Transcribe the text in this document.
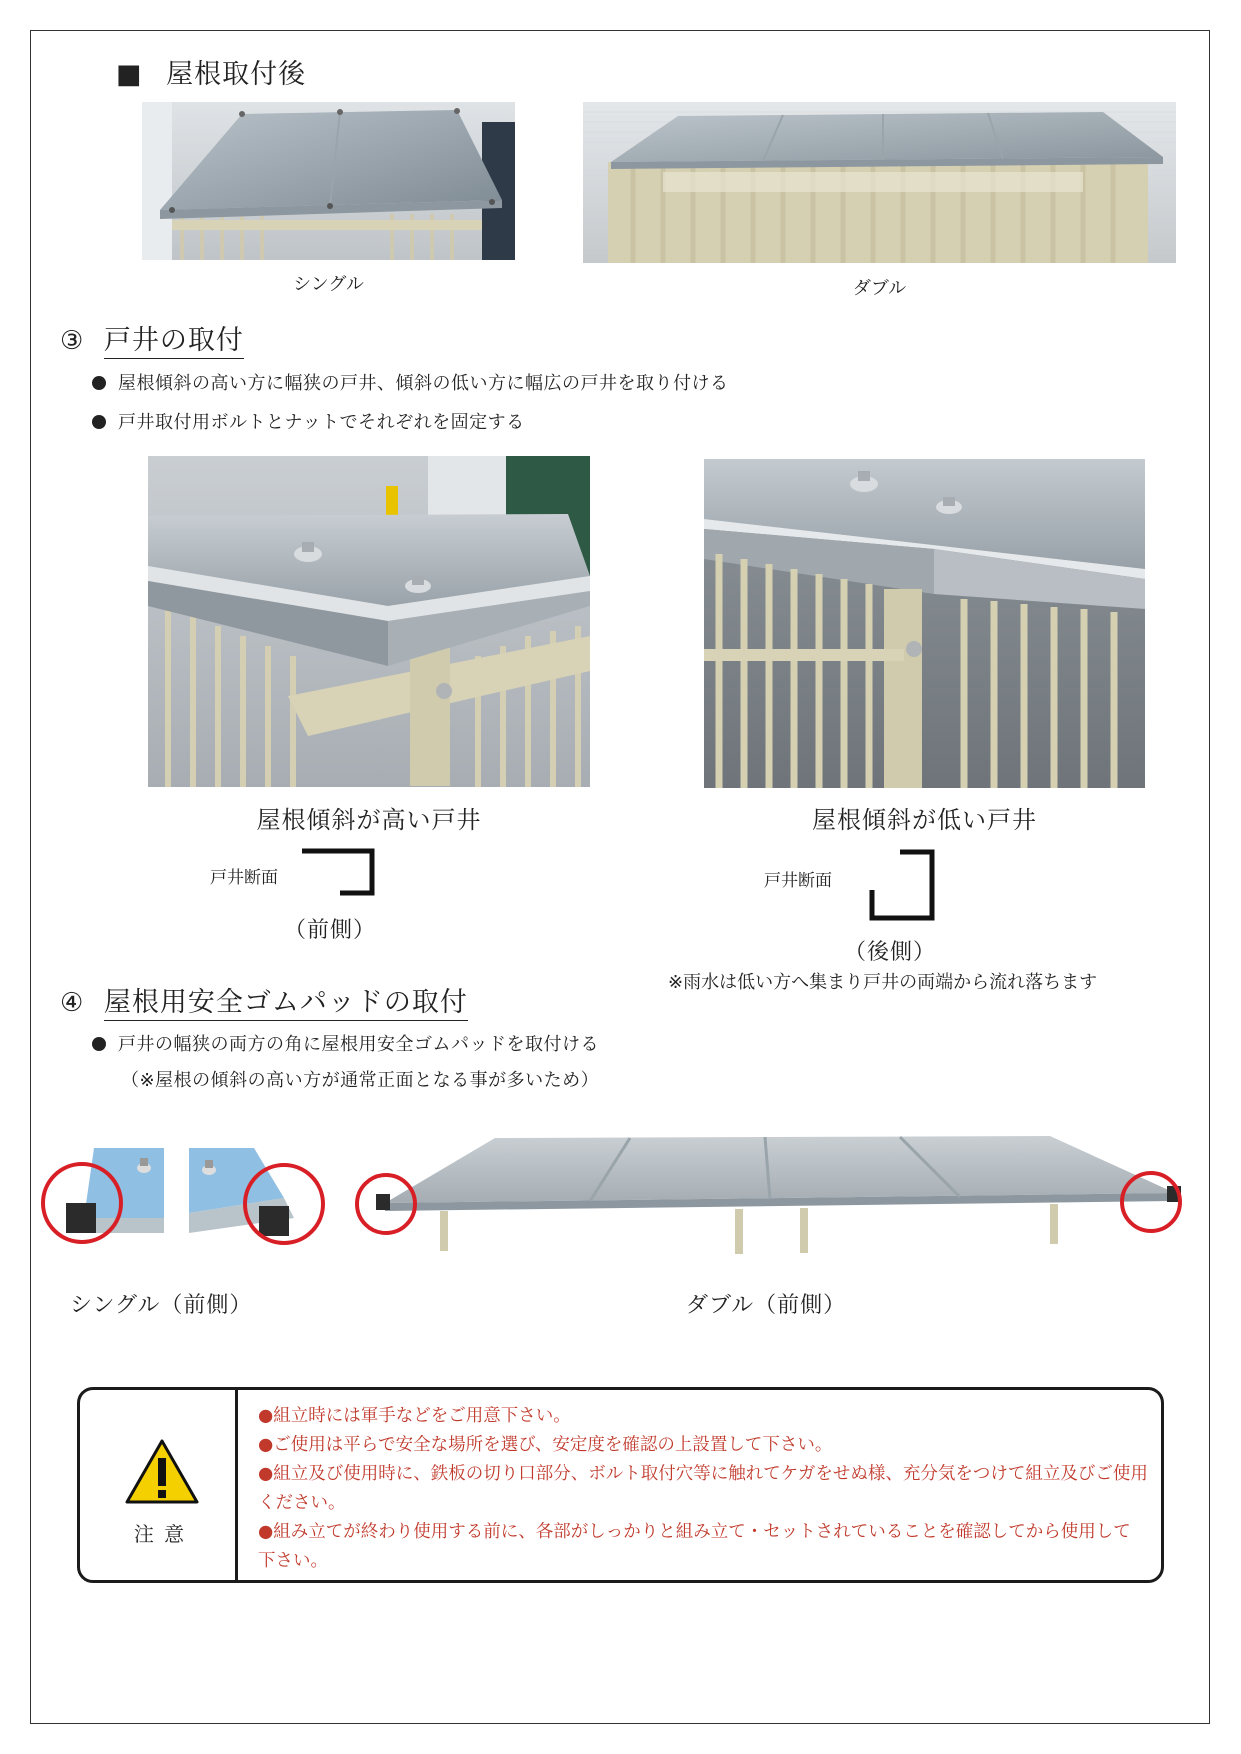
■ 屋根取付後
シングル	ダブル
③ 戸井の取付
屋根傾斜の高い方に幅狭の戸井、傾斜の低い方に幅広の戸井を取り付ける
戸井取付用ボルトとナットでそれぞれを固定する
屋根傾斜が高い戸井	屋根傾斜が低い戸井
戸井断面
（前側）
戸井断面
（後側）
※雨水は低い方へ集まり戸井の両端から流れ落ちます
④ 屋根用安全ゴムパッドの取付
戸井の幅狭の両方の角に屋根用安全ゴムパッドを取付ける
（※屋根の傾斜の高い方が通常正面となる事が多いため）
シングル（前側）	ダブル（前側）
注 意
●組立時には軍手などをご用意下さい。
●ご使用は平らで安全な場所を選び、安定度を確認の上設置して下さい。
●組立及び使用時に、鉄板の切り口部分、ボルト取付穴等に触れてケガをせぬ様、充分気をつけて組立及びご使用ください。
●組み立てが終わり使用する前に、各部がしっかりと組み立て・セットされていることを確認してから使用して下さい。
